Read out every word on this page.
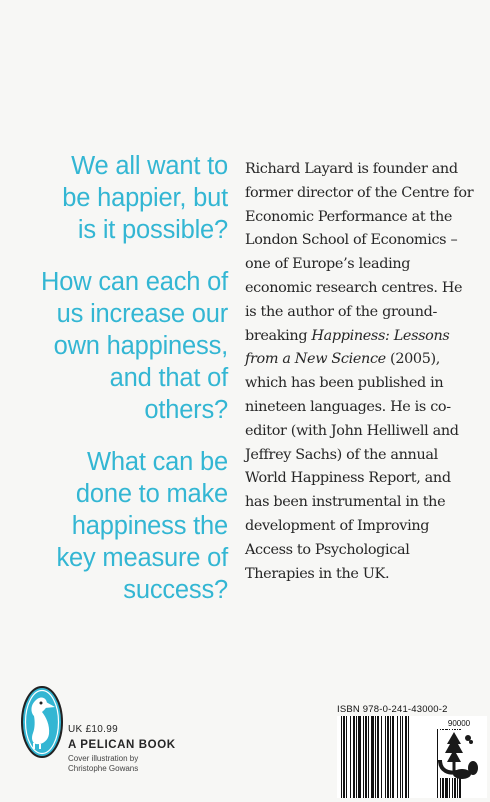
We all want to be happier, but is it possible?

How can each of us increase our own happiness, and that of others?

What can be done to make happiness the key measure of success?

Richard Layard is founder and former director of the Centre for Economic Performance at the London School of Economics – one of Europe’s leading economic research centres. He is the author of the ground-breaking Happiness: Lessons from a New Science (2005), which has been published in nineteen languages. He is co-editor (with John Helliwell and Jeffrey Sachs) of the annual World Happiness Report, and has been instrumental in the development of Improving Access to Psychological Therapies in the UK.

UK £10.99
A PELICAN BOOK
Cover illustration by
Christophe Gowans
ISBN 978-0-241-43000-2
90000
